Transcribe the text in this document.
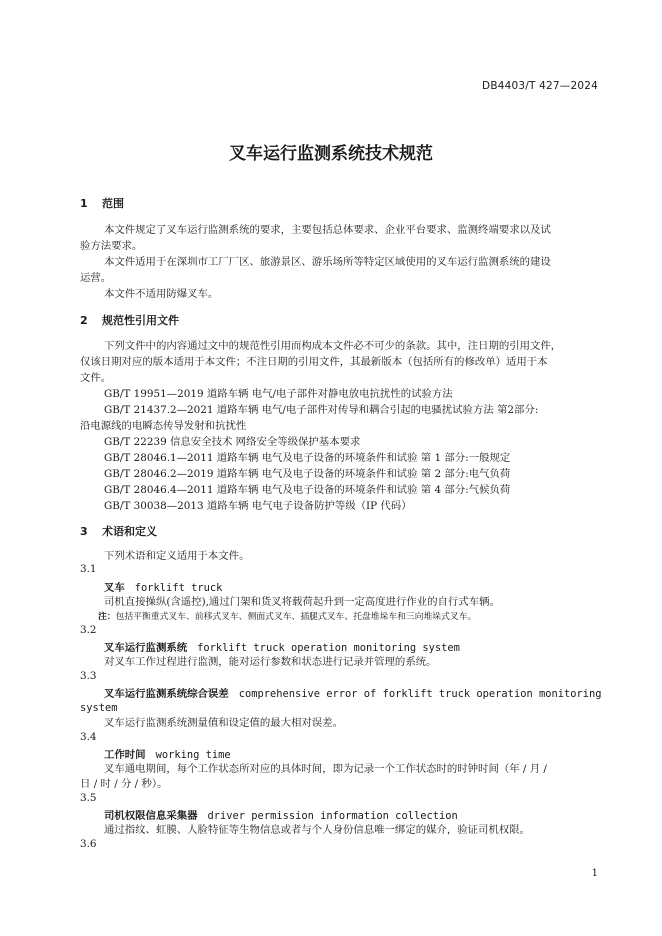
DB4403/T 427—2024
叉车运行监测系统技术规范
1 范围
本文件规定了叉车运行监测系统的要求，主要包括总体要求、企业平台要求、监测终端要求以及试
验方法要求。
本文件适用于在深圳市工厂厂区、旅游景区、游乐场所等特定区域使用的叉车运行监测系统的建设
运营。
本文件不适用防爆叉车。
2 规范性引用文件
下列文件中的内容通过文中的规范性引用而构成本文件必不可少的条款。其中，注日期的引用文件，
仅该日期对应的版本适用于本文件；不注日期的引用文件，其最新版本（包括所有的修改单）适用于本
文件。
GB/T 19951—2019 道路车辆 电气/电子部件对静电放电抗扰性的试验方法
GB/T 21437.2—2021 道路车辆 电气/电子部件对传导和耦合引起的电骚扰试验方法 第2部分:
沿电源线的电瞬态传导发射和抗扰性
GB/T 22239 信息安全技术 网络安全等级保护基本要求
GB/T 28046.1—2011 道路车辆 电气及电子设备的环境条件和试验 第 1 部分:一般规定
GB/T 28046.2—2019 道路车辆 电气及电子设备的环境条件和试验 第 2 部分:电气负荷
GB/T 28046.4—2011 道路车辆 电气及电子设备的环境条件和试验 第 4 部分:气候负荷
GB/T 30038—2013 道路车辆 电气电子设备防护等级（IP 代码）
3 术语和定义
下列术语和定义适用于本文件。
3.1
叉车 forklift truck
司机直接操纵(含遥控),通过门架和货叉将载荷起升到一定高度进行作业的自行式车辆。
注：包括平衡重式叉车、前移式叉车、侧面式叉车、插腿式叉车、托盘堆垛车和三向堆垛式叉车。
3.2
叉车运行监测系统 forklift truck operation monitoring system
对叉车工作过程进行监测，能对运行参数和状态进行记录并管理的系统。
3.3
叉车运行监测系统综合误差 comprehensive error of forklift truck operation monitoring
system
叉车运行监测系统测量值和设定值的最大相对误差。
3.4
工作时间 working time
叉车通电期间，每个工作状态所对应的具体时间，即为记录一个工作状态时的时钟时间（年 / 月 /
日 / 时 / 分 / 秒）。
3.5
司机权限信息采集器 driver permission information collection
通过指纹、虹膜、人脸特征等生物信息或者与个人身份信息唯一绑定的媒介，验证司机权限。
3.6
1
